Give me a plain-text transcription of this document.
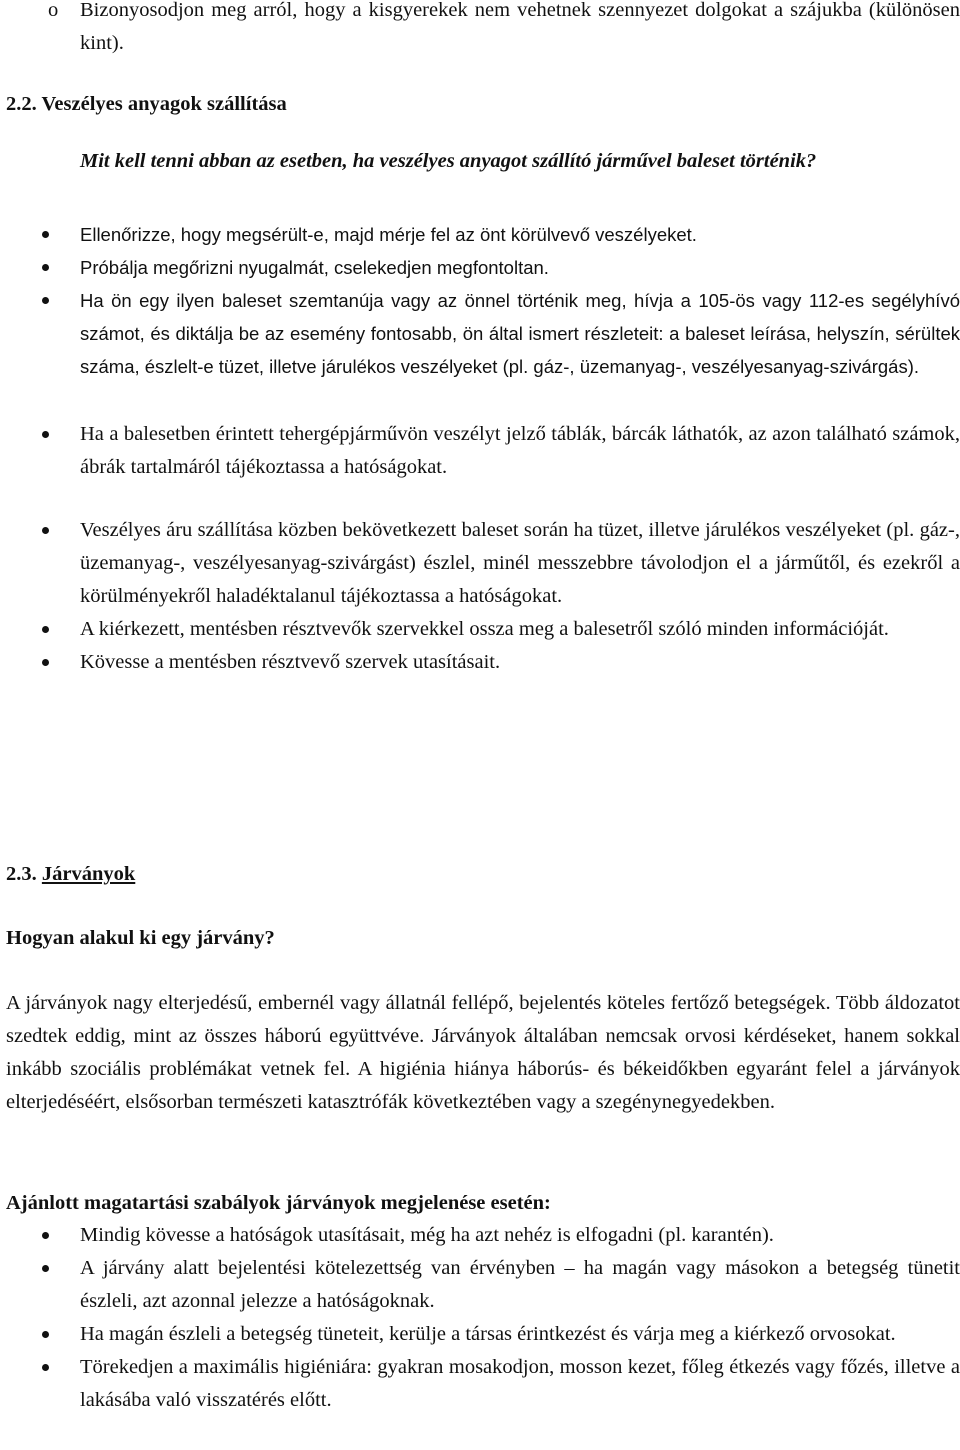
o Bizonyosodjon meg arról, hogy a kisgyerekek nem vehetnek szennyezet dolgokat a szájukba (különösen kint).

2.2. Veszélyes anyagok szállítása
Mit kell tenni abban az esetben, ha veszélyes anyagot szállító járművel baleset történik?
Ellenőrizze, hogy megsérült-e, majd mérje fel az önt körülvevő veszélyeket.
Próbálja megőrizni nyugalmát, cselekedjen megfontoltan.
Ha ön egy ilyen baleset szemtanúja vagy az önnel történik meg, hívja a 105-ös vagy 112-es segélyhívó számot, és diktálja be az esemény fontosabb, ön által ismert részleteit: a baleset leírása, helyszín, sérültek száma, észlelt-e tüzet, illetve járulékos veszélyeket (pl. gáz-, üzemanyag-, veszélyesanyag-szivárgás).
Ha a balesetben érintett tehergépjárművön veszélyt jelző táblák, bárcák láthatók, az azon található számok, ábrák tartalmáról tájékoztassa a hatóságokat.
Veszélyes áru szállítása közben bekövetkezett baleset során ha tüzet, illetve járulékos veszélyeket (pl. gáz-, üzemanyag-, veszélyesanyag-szivárgást) észlel, minél messzebbre távolodjon el a járműtől, és ezekről a körülményekről haladéktalanul tájékoztassa a hatóságokat.
A kiérkezett, mentésben résztvevők szervekkel ossza meg a balesetről szóló minden információját.
Kövesse a mentésben résztvevő szervek utasításait.
2.3. Járványok
Hogyan alakul ki egy járvány?

A járványok nagy elterjedésű, embernél vagy állatnál fellépő, bejelentés köteles fertőző betegségek. Több áldozatot szedtek eddig, mint az összes háború együttvéve. Járványok általában nemcsak orvosi kérdéseket, hanem sokkal inkább szociális problémákat vetnek fel. A higiénia hiánya háborús- és békeidőkben egyaránt felel a járványok elterjedéséért, elsősorban természeti katasztrófák következtében vagy a szegénynegyedekben.

Ajánlott magatartási szabályok járványok megjelenése esetén:
Mindig kövesse a hatóságok utasításait, még ha azt nehéz is elfogadni (pl. karantén).
A járvány alatt bejelentési kötelezettség van érvényben – ha magán vagy másokon a betegség tünetit észleli, azt azonnal jelezze a hatóságoknak.
Ha magán észleli a betegség tüneteit, kerülje a társas érintkezést és várja meg a kiérkező orvosokat.
Törekedjen a maximális higiéniára: gyakran mosakodjon, mosson kezet, főleg étkezés vagy főzés, illetve a lakásába való visszatérés előtt.
